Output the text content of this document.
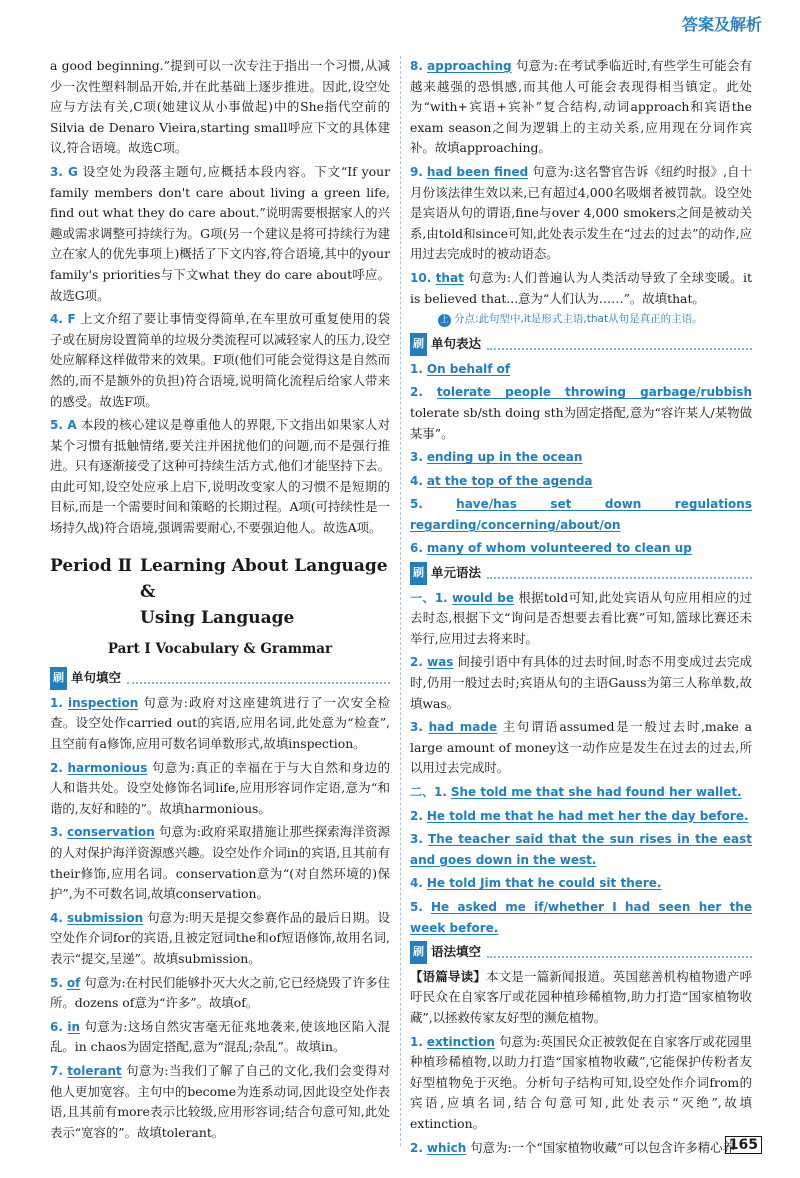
答案及解析

a good beginning.”提到可以一次专注于指出一个习惯,从减少一次性塑料制品开始,并在此基础上逐步推进。因此,设空处应与方法有关,C项(她建议从小事做起)中的She指代空前的Silvia de Denaro Vieira,starting small呼应下文的具体建议,符合语境。故选C项。

3. G 设空处为段落主题句,应概括本段内容。下文“If your family members don't care about living a green life, find out what they do care about.”说明需要根据家人的兴趣或需求调整可持续行为。G项(另一个建议是将可持续行为建立在家人的优先事项上)概括了下文内容,符合语境,其中的your family's priorities与下文what they do care about呼应。故选G项。

4. F 上文介绍了要让事情变得简单,在车里放可重复使用的袋子或在厨房设置简单的垃圾分类流程可以减轻家人的压力,设空处应解释这样做带来的效果。F项(他们可能会觉得这是自然而然的,而不是额外的负担)符合语境,说明简化流程后给家人带来的感受。故选F项。

5. A 本段的核心建议是尊重他人的界限,下文指出如果家人对某个习惯有抵触情绪,要关注并困扰他们的问题,而不是强行推进。只有逐渐接受了这种可持续生活方式,他们才能坚持下去。由此可知,设空处应承上启下,说明改变家人的习惯不是短期的目标,而是一个需要时间和策略的长期过程。A项(可持续性是一场持久战)符合语境,强调需要耐心,不要强迫他人。故选A项。

Period Ⅱ Learning About Language &
Using Language
Part Ⅰ Vocabulary & Grammar
刷 单句填空

1. inspection 句意为:政府对这座建筑进行了一次安全检查。设空处作carried out的宾语,应用名词,此处意为“检查”,且空前有a修饰,应用可数名词单数形式,故填inspection。

2. harmonious 句意为:真正的幸福在于与大自然和身边的人和谐共处。设空处修饰名词life,应用形容词作定语,意为“和谐的,友好和睦的”。故填harmonious。

3. conservation 句意为:政府采取措施让那些探索海洋资源的人对保护海洋资源感兴趣。设空处作介词in的宾语,且其前有their修饰,应用名词。conservation意为“(对自然环境的)保护”,为不可数名词,故填conservation。

4. submission 句意为:明天是提交参赛作品的最后日期。设空处作介词for的宾语,且被定冠词the和of短语修饰,故用名词,表示“提交,呈递”。故填submission。

5. of 句意为:在村民们能够扑灭大火之前,它已经烧毁了许多住所。dozens of意为“许多”。故填of。

6. in 句意为:这场自然灾害毫无征兆地袭来,使该地区陷入混乱。in chaos为固定搭配,意为“混乱;杂乱”。故填in。

7. tolerant 句意为:当我们了解了自己的文化,我们会变得对他人更加宽容。主句中的become为连系动词,因此设空处作表语,且其前有more表示比较级,应用形容词;结合句意可知,此处表示“宽容的”。故填tolerant。

8. approaching 句意为:在考试季临近时,有些学生可能会有越来越强的恐惧感,而其他人可能会表现得相当镇定。此处为“with+宾语+宾补”复合结构,动词approach和宾语the exam season之间为逻辑上的主动关系,应用现在分词作宾补。故填approaching。

9. had been fined 句意为:这名警官告诉《纽约时报》,自十月份该法律生效以来,已有超过4,000名吸烟者被罚款。设空处是宾语从句的谓语,fine与over 4,000 smokers之间是被动关系,由told和since可知,此处表示发生在“过去的过去”的动作,应用过去完成时的被动语态。

10. that 句意为:人们普遍认为人类活动导致了全球变暖。it is believed that...意为“人们认为……”。故填that。

上 分点:此句型中,it是形式主语,that从句是真正的主语。
刷 单句表达

1. On behalf of

2. tolerate people throwing garbage/rubbish tolerate sb/sth doing sth为固定搭配,意为“容许某人/某物做某事”。

3. ending up in the ocean

4. at the top of the agenda

5.	have/has set down regulations regarding/concerning/about/on

6. many of whom volunteered to clean up

刷 单元语法

一、1. would be 根据told可知,此处宾语从句应用相应的过去时态,根据下文“询问是否想要去看比赛”可知,篮球比赛还未举行,应用过去将来时。

2. was 间接引语中有具体的过去时间,时态不用变成过去完成时,仍用一般过去时;宾语从句的主语Gauss为第三人称单数,故填was。

3. had made 主句谓语assumed是一般过去时,make a large amount of money这一动作应是发生在过去的过去,所以用过去完成时。

二、1. She told me that she had found her wallet.

2. He told me that he had met her the day before.

3. The teacher said that the sun rises in the east and goes down in the west.

4. He told Jim that he could sit there.

5. He asked me if/whether I had seen her the week before.

刷 语法填空

【语篇导读】本文是一篇新闻报道。英国慈善机构植物遗产呼吁民众在自家客厅或花园种植珍稀植物,助力打造“国家植物收藏”,以拯救传家友好型的濒危植物。

1. extinction 句意为:英国民众正被敦促在自家客厅或花园里种植珍稀植物,以助力打造“国家植物收藏”,它能保护传粉者友好型植物免于灭绝。分析句子结构可知,设空处作介词from的宾语,应填名词,结合句意可知,此处表示“灭绝”,故填extinction。

2. which 句意为:一个“国家植物收藏”可以包含许多精心养

165
